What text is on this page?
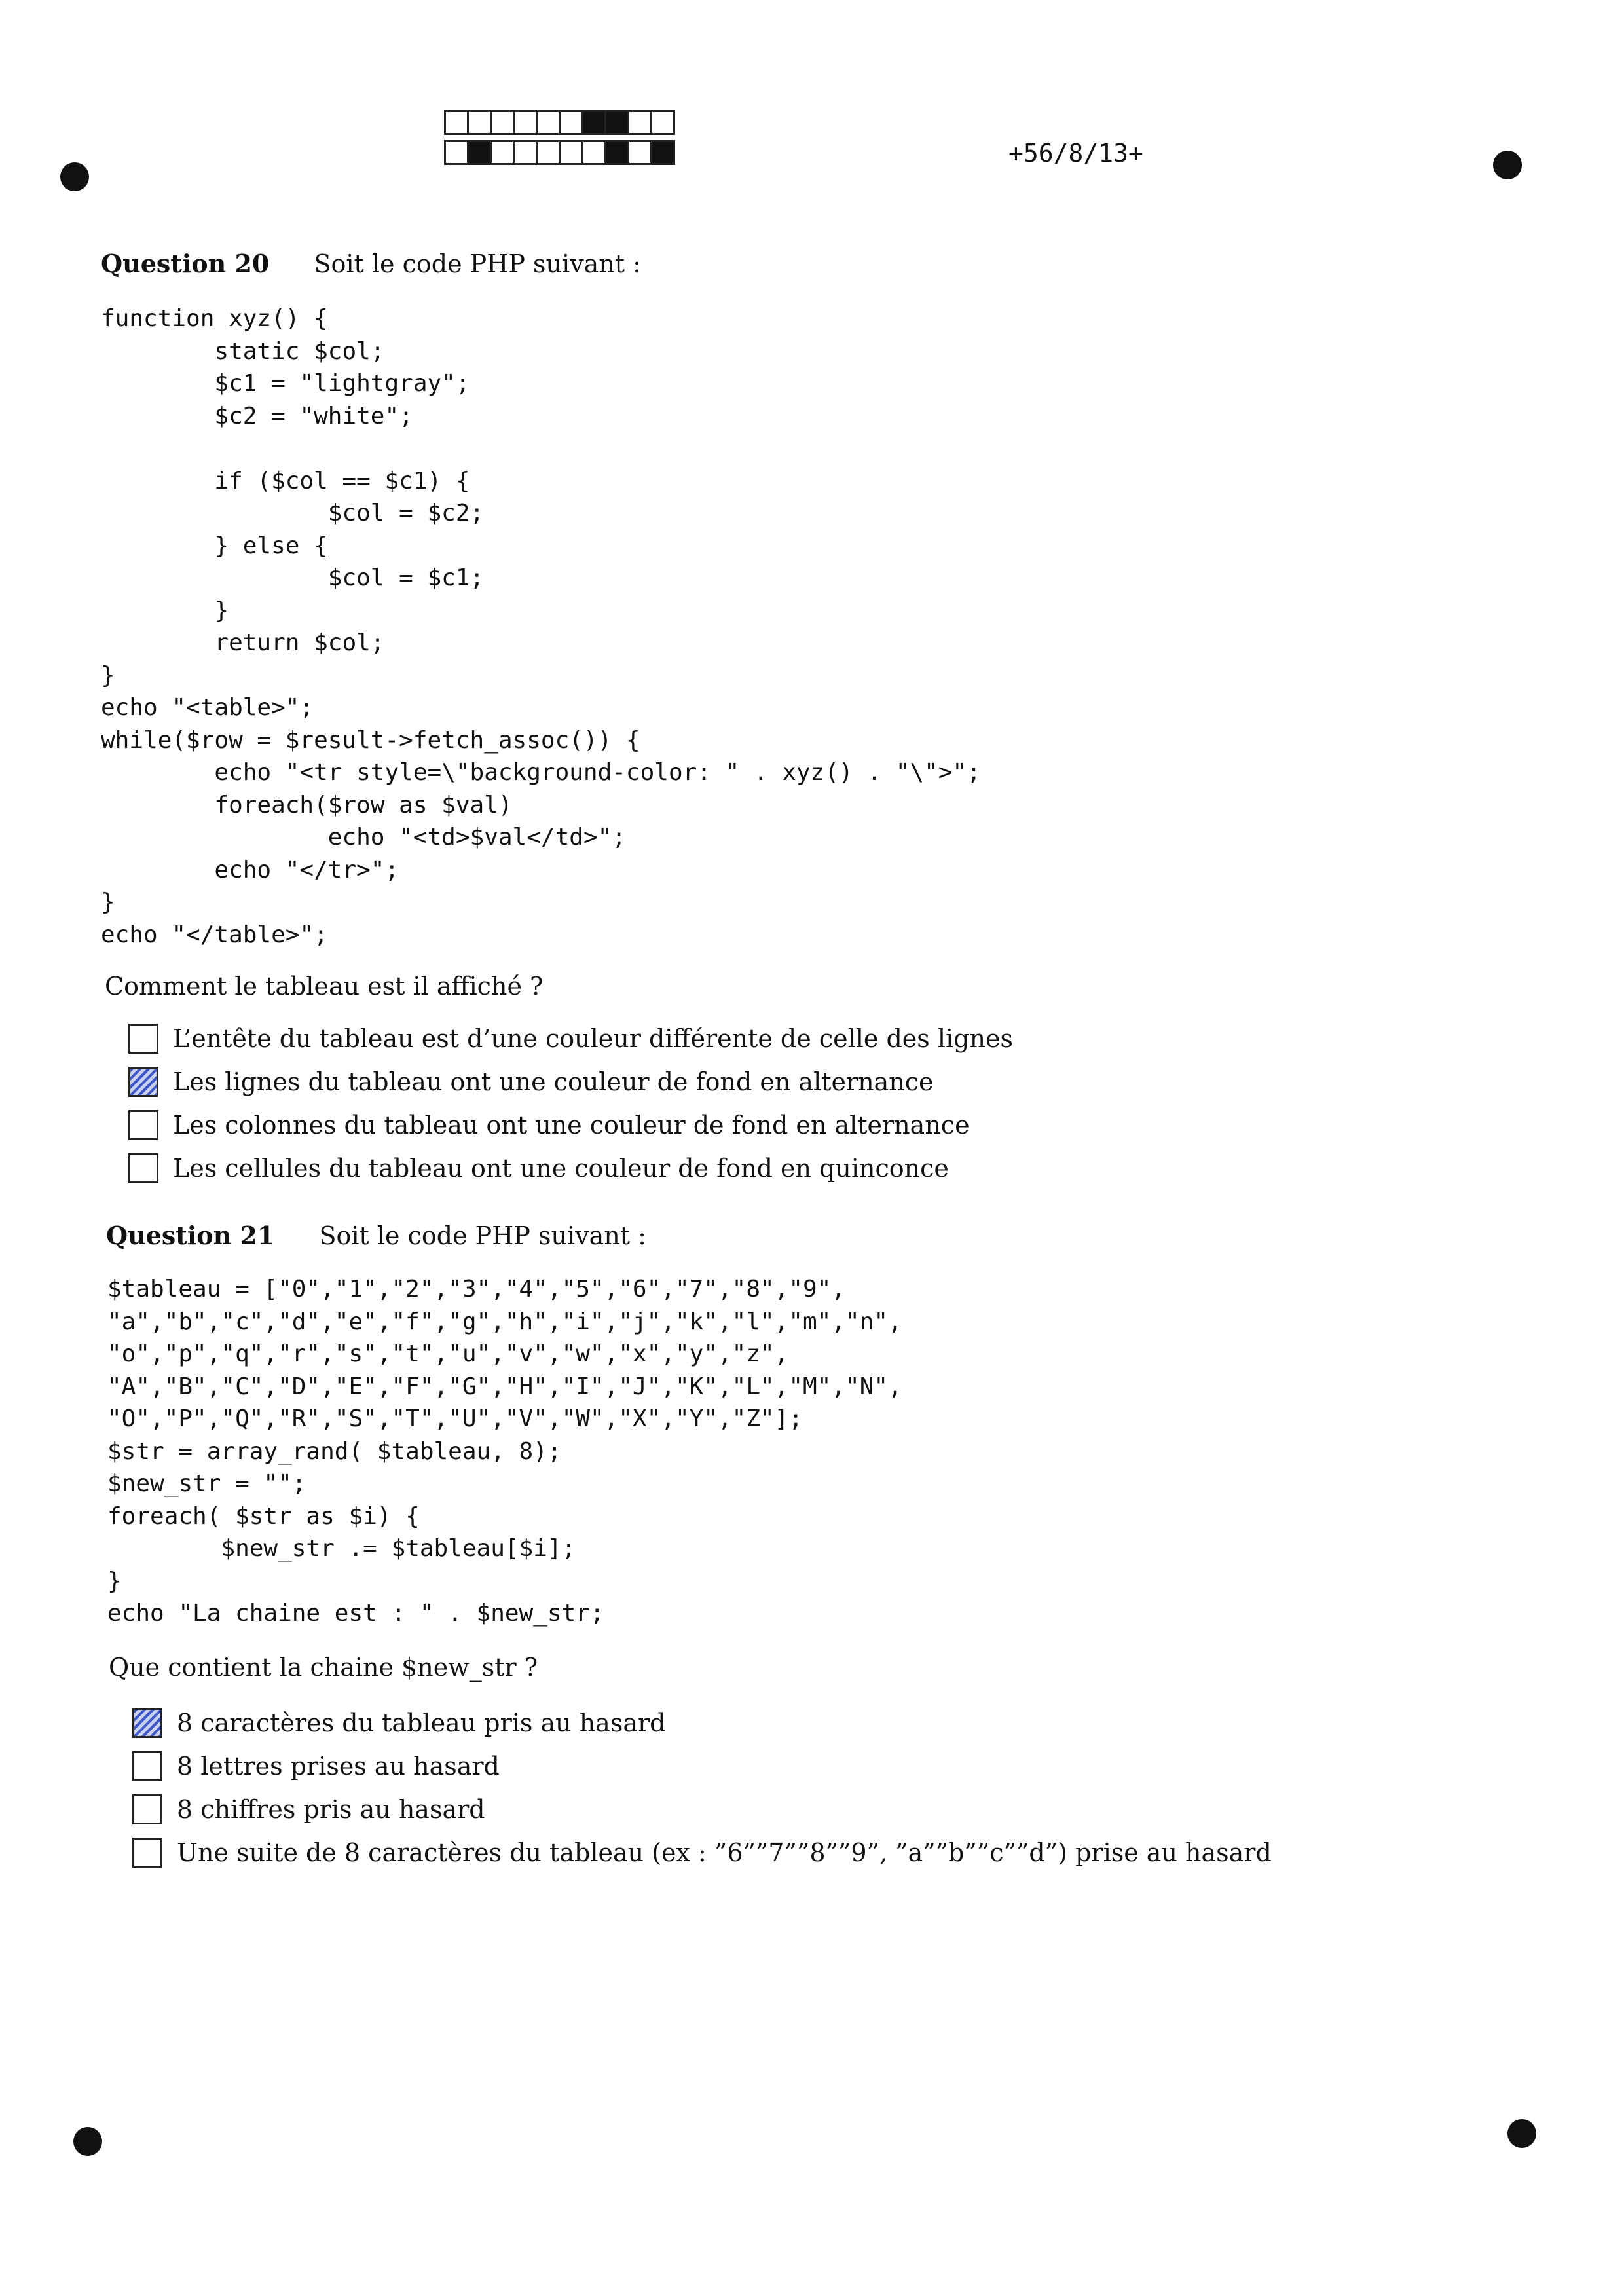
+56/8/13+
Question 20 Soit le code PHP suivant :
function xyz() {
static $col;
$c1 = "lightgray";
$c2 = "white";

if ($col == $c1) {
$col = $c2;
} else {
$col = $c1;
}
return $col;
}
echo "<table>";
while($row = $result->fetch_assoc()) {
echo "<tr style=\"background-color: " . xyz() . "\">";
foreach($row as $val)
echo "<td>$val</td>";
echo "</tr>";
}
echo "</table>";
Comment le tableau est il affiché ?
L’entête du tableau est d’une couleur différente de celle des lignes
Les lignes du tableau ont une couleur de fond en alternance
Les colonnes du tableau ont une couleur de fond en alternance
Les cellules du tableau ont une couleur de fond en quinconce
Question 21 Soit le code PHP suivant :
$tableau = ["0","1","2","3","4","5","6","7","8","9",
"a","b","c","d","e","f","g","h","i","j","k","l","m","n",
"o","p","q","r","s","t","u","v","w","x","y","z",
"A","B","C","D","E","F","G","H","I","J","K","L","M","N",
"O","P","Q","R","S","T","U","V","W","X","Y","Z"];
$str = array_rand( $tableau, 8);
$new_str = "";
foreach( $str as $i) {
$new_str .= $tableau[$i];
}
echo "La chaine est : " . $new_str;
Que contient la chaine $new_str ?
8 caractères du tableau pris au hasard
8 lettres prises au hasard
8 chiffres pris au hasard
Une suite de 8 caractères du tableau (ex : ”6””7””8””9”, ”a””b””c””d”) prise au hasard
